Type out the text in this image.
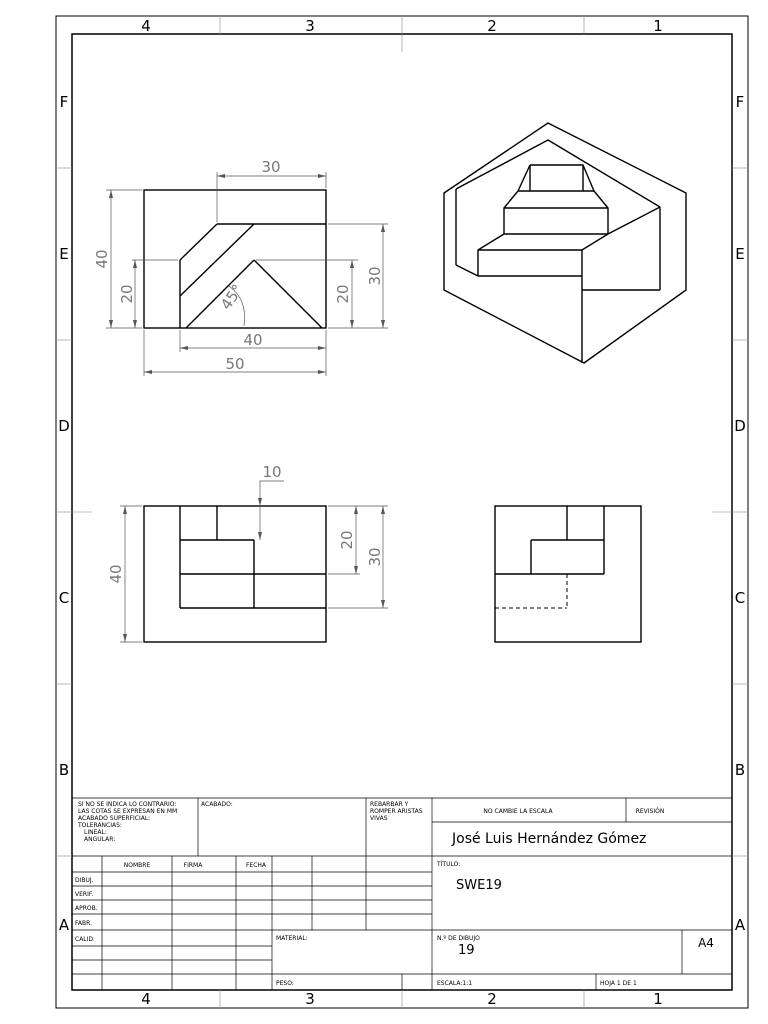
4	3	2	1
4	3	2	1
F
E
D
C
B
A
F
E
D
C
B
A
30
40
20	45°
40
50
20
30
10
40
20
30
SI NO SE INDICA LO CONTRARIO: LAS COTAS SE EXPRESAN EN MM ACABADO SUPERFICIAL: TOLERANCIAS: LINEAL: ANGULAR:
ACABADO:	REBARBAR Y ROMPER ARISTAS VIVAS
NO CAMBIE LA ESCALA	REVISIÓN
José Luis Hernández Gómez
NOMBRE	FIRMA	FECHA
DIBUJ.
VERIF.
APROB.
FABR.
CALID.
TÍTULO:
SWE19
MATERIAL:	N.º DE DIBUJO
19	A4
PESO:	ESCALA:1:1	HOJA 1 DE 1
